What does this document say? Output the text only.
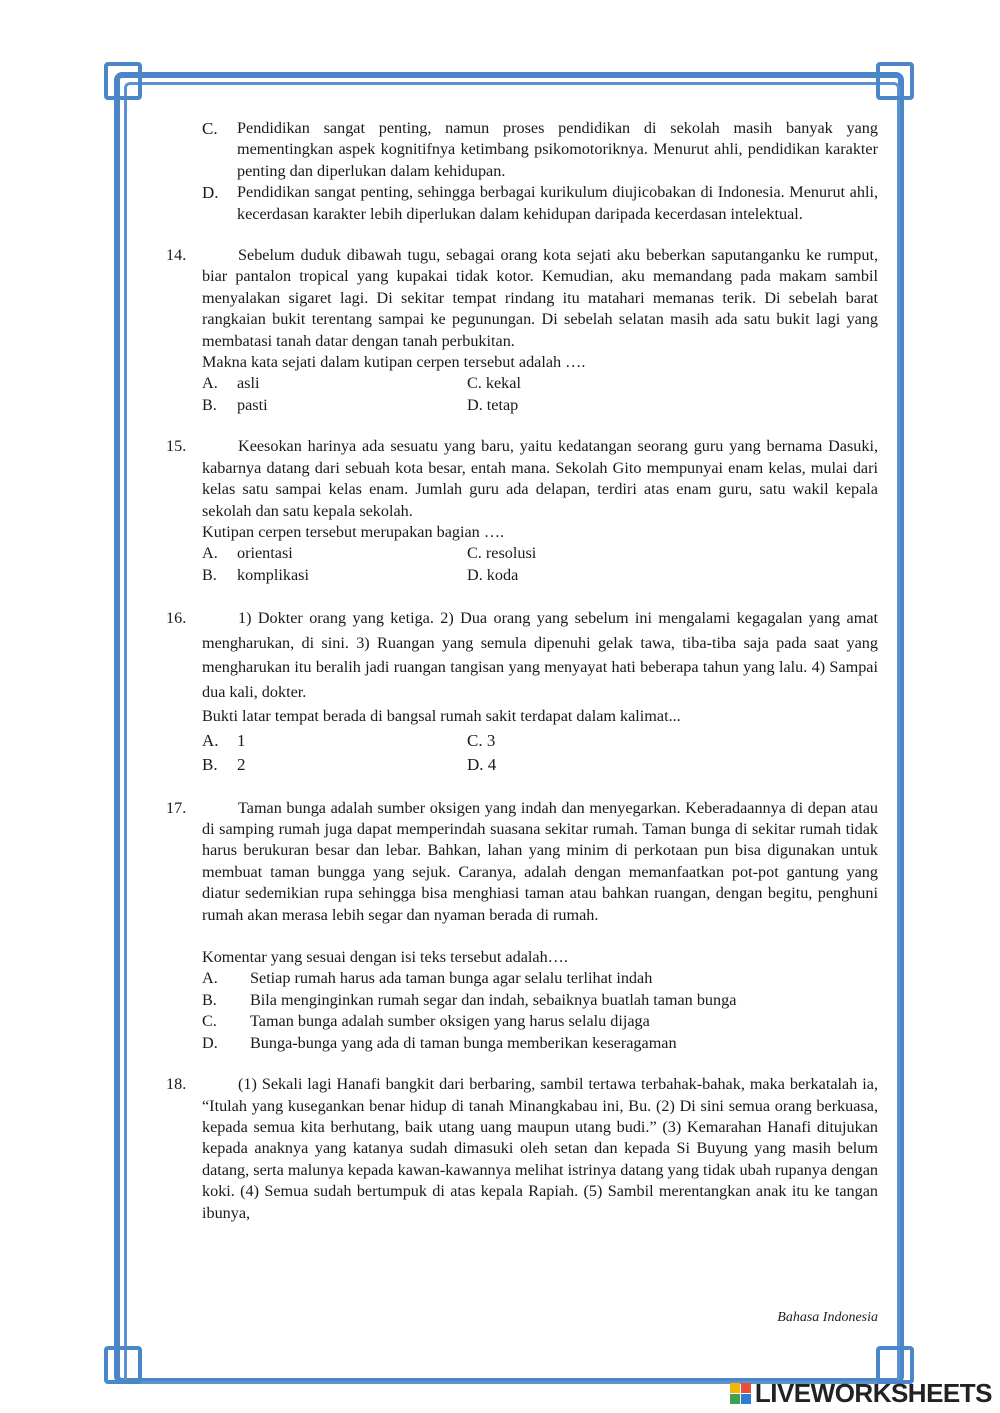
C.	Pendidikan sangat penting, namun proses pendidikan di sekolah masih banyak yang mementingkan aspek kognitifnya ketimbang psikomotoriknya. Menurut ahli, pendidikan karakter penting dan diperlukan dalam kehidupan.
D.	Pendidikan sangat penting, sehingga berbagai kurikulum diujicobakan di Indonesia. Menurut ahli, kecerdasan karakter lebih diperlukan dalam kehidupan daripada kecerdasan intelektual.
14.	Sebelum duduk dibawah tugu, sebagai orang kota sejati aku beberkan saputanganku ke rumput, biar pantalon tropical yang kupakai tidak kotor. Kemudian, aku memandang pada makam sambil menyalakan sigaret lagi. Di sekitar tempat rindang itu matahari memanas terik. Di sebelah barat rangkaian bukit terentang sampai ke pegunungan. Di sebelah selatan masih ada satu bukit lagi yang membatasi tanah datar dengan tanah perbukitan.
Makna kata sejati dalam kutipan cerpen tersebut adalah ….
A.	asli	C. kekal
B.	pasti	D. tetap
15.	Keesokan harinya ada sesuatu yang baru, yaitu kedatangan seorang guru yang bernama Dasuki, kabarnya datang dari sebuah kota besar, entah mana. Sekolah Gito mempunyai enam kelas, mulai dari kelas satu sampai kelas enam. Jumlah guru ada delapan, terdiri atas enam guru, satu wakil kepala sekolah dan satu kepala sekolah.
Kutipan cerpen tersebut merupakan bagian ….
A.	orientasi	C. resolusi
B.	komplikasi	D. koda
16.	1) Dokter orang yang ketiga. 2) Dua orang yang sebelum ini mengalami kegagalan yang amat mengharukan, di sini. 3) Ruangan yang semula dipenuhi gelak tawa, tiba-tiba saja pada saat yang mengharukan itu beralih jadi ruangan tangisan yang menyayat hati beberapa tahun yang lalu. 4) Sampai dua kali, dokter.
Bukti latar tempat berada di bangsal rumah sakit terdapat dalam kalimat...
A.	1	C. 3
B.	2	D. 4
17.	Taman bunga adalah sumber oksigen yang indah dan menyegarkan. Keberadaannya di depan atau di samping rumah juga dapat memperindah suasana sekitar rumah. Taman bunga di sekitar rumah tidak harus berukuran besar dan lebar. Bahkan, lahan yang minim di perkotaan pun bisa digunakan untuk membuat taman bungga yang sejuk. Caranya, adalah dengan memanfaatkan pot-pot gantung yang diatur sedemikian rupa sehingga bisa menghiasi taman atau bahkan ruangan, dengan begitu, penghuni rumah akan merasa lebih segar dan nyaman berada di rumah.
Komentar yang sesuai dengan isi teks tersebut adalah….
A.	Setiap rumah harus ada taman bunga agar selalu terlihat indah
B.	Bila menginginkan rumah segar dan indah, sebaiknya buatlah taman bunga
C.	Taman bunga adalah sumber oksigen yang harus selalu dijaga
D.	Bunga-bunga yang ada di taman bunga memberikan keseragaman
18.	(1) Sekali lagi Hanafi bangkit dari berbaring, sambil tertawa terbahak-bahak, maka berkatalah ia, “Itulah yang kusegankan benar hidup di tanah Minangkabau ini, Bu. (2) Di sini semua orang berkuasa, kepada semua kita berhutang, baik utang uang maupun utang budi.” (3) Kemarahan Hanafi ditujukan kepada anaknya yang katanya sudah dimasuki oleh setan dan kepada Si Buyung yang masih belum datang, serta malunya kepada kawan-kawannya melihat istrinya datang yang tidak ubah rupanya dengan koki. (4) Semua sudah bertumpuk di atas kepala Rapiah. (5) Sambil merentangkan anak itu ke tangan ibunya,
Bahasa Indonesia
LIVEWORKSHEETS
